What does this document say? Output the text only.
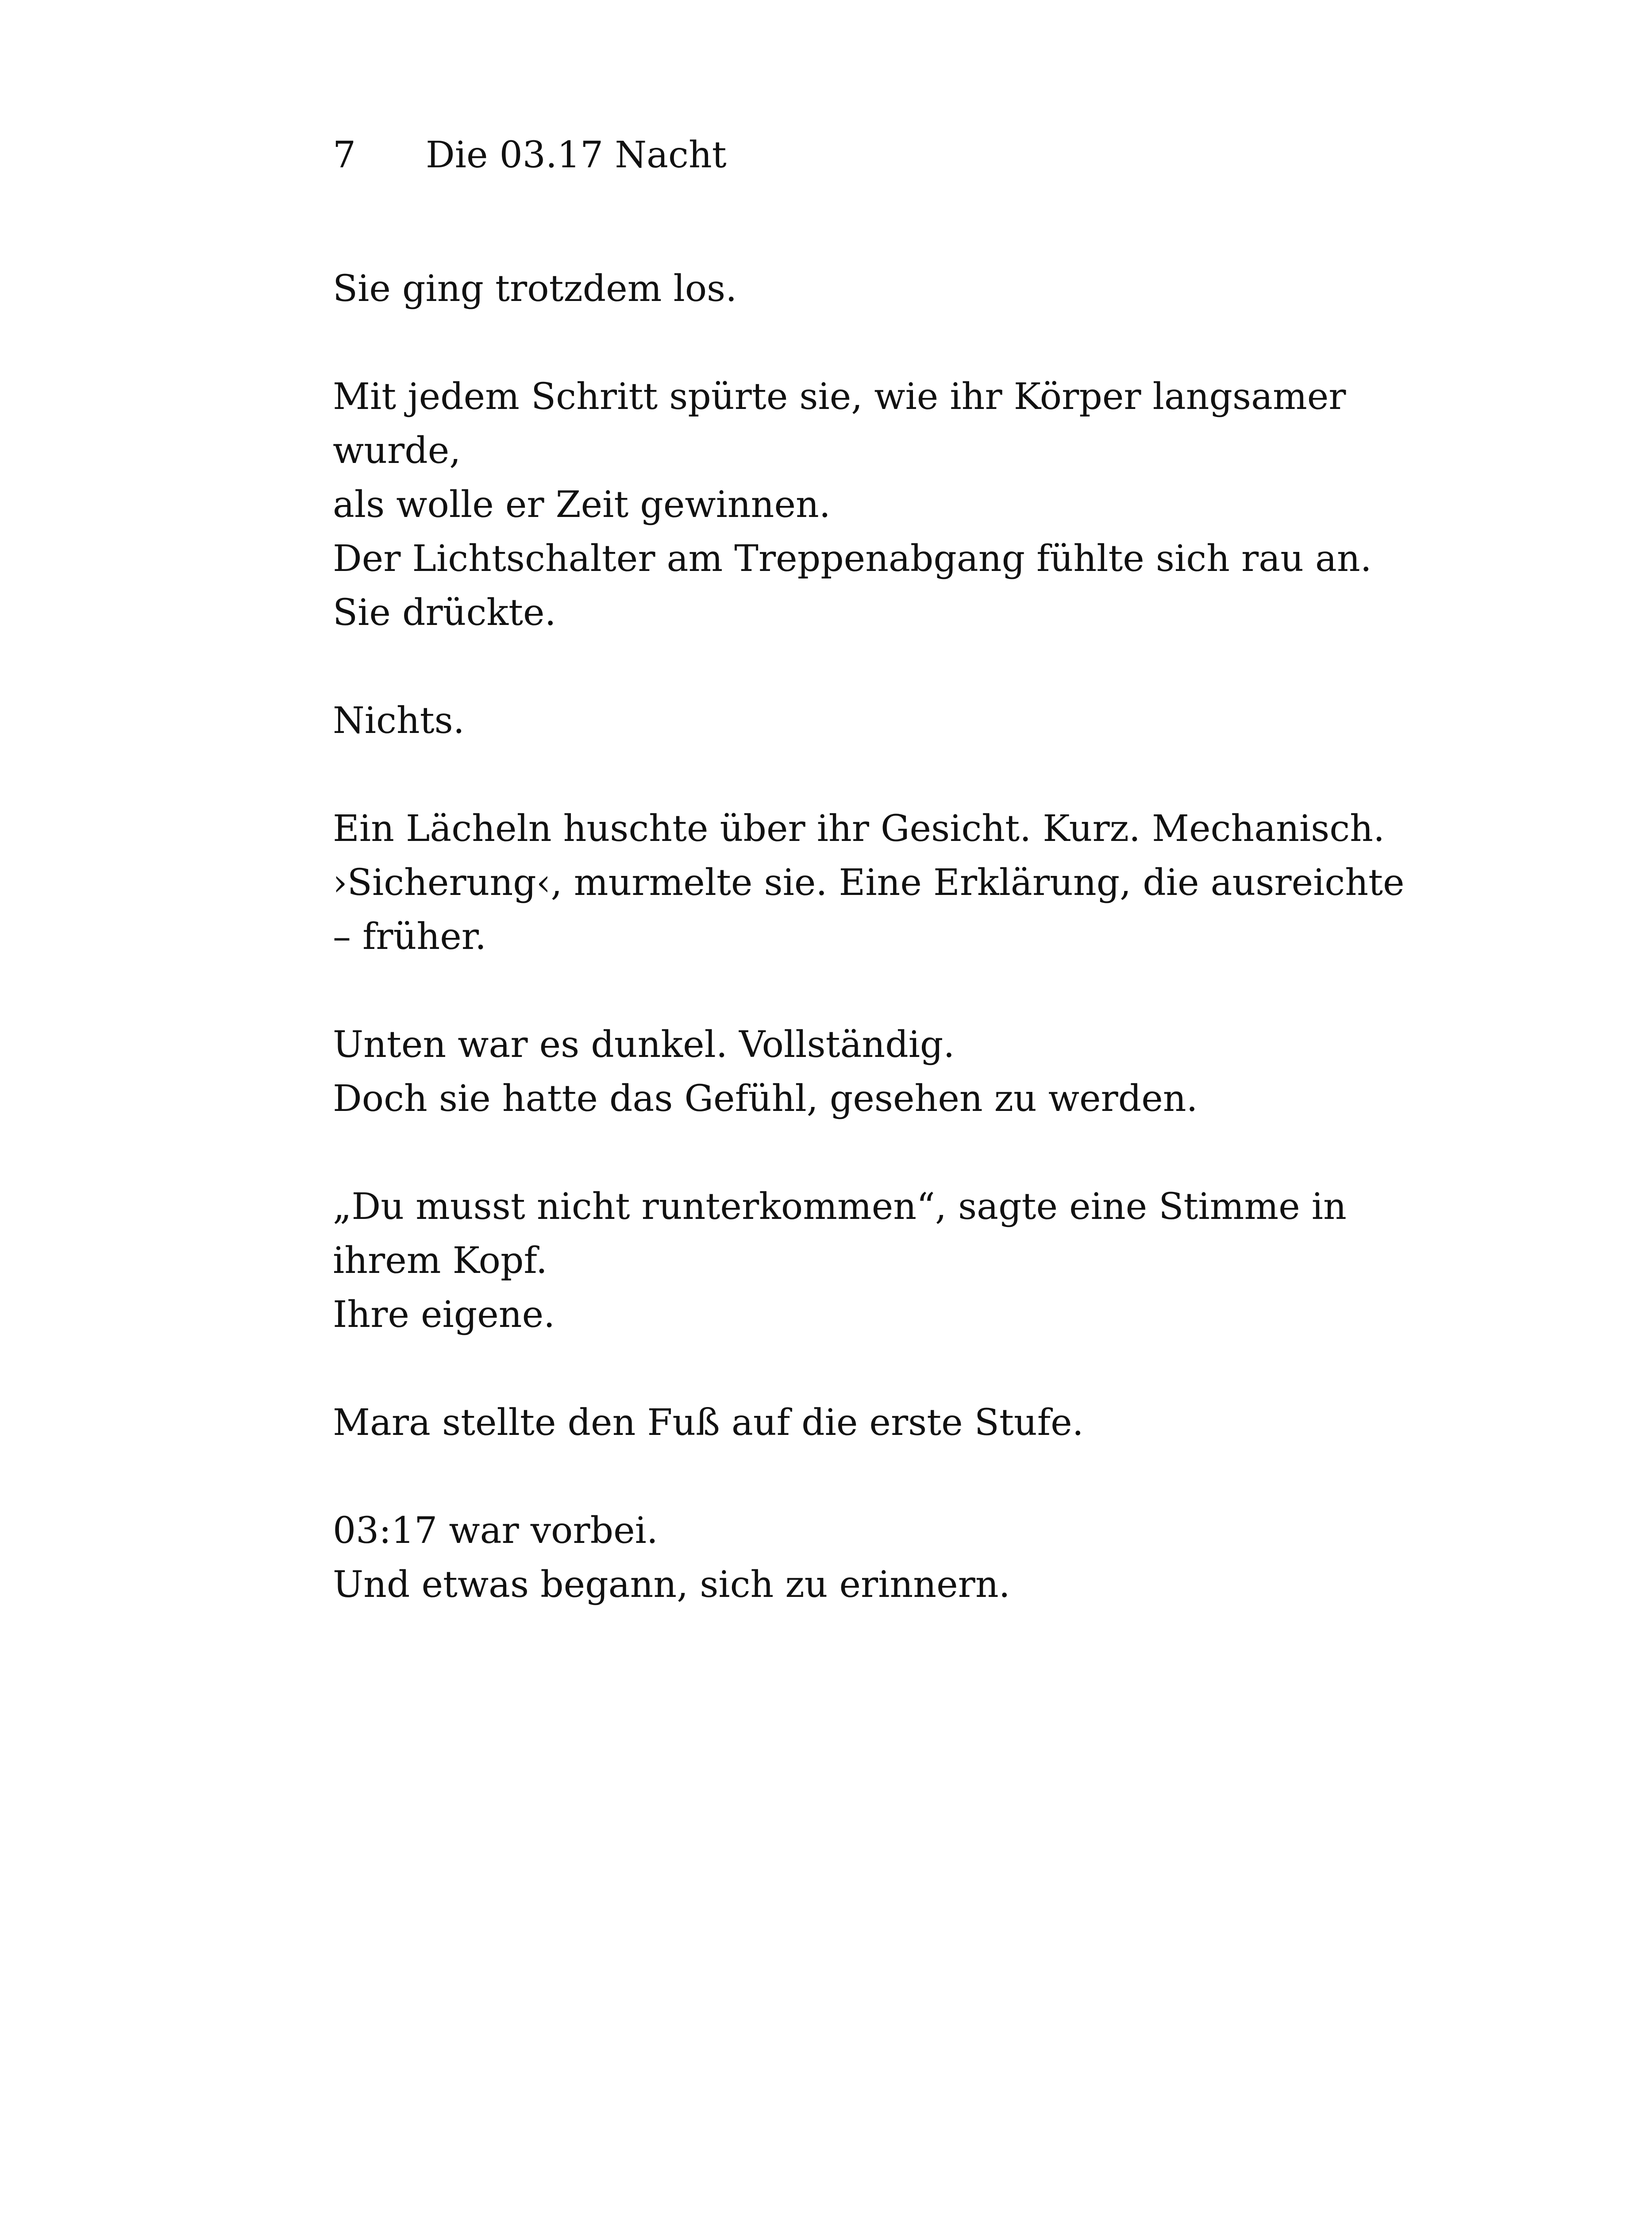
7 Die 03.17 Nacht
Sie ging trotzdem los.
Mit jedem Schritt spürte sie, wie ihr Körper langsamer
wurde,
als wolle er Zeit gewinnen.
Der Lichtschalter am Treppenabgang fühlte sich rau an.
Sie drückte.
Nichts.
Ein Lächeln huschte über ihr Gesicht. Kurz. Mechanisch.
›Sicherung‹, murmelte sie. Eine Erklärung, die ausreichte
– früher.
Unten war es dunkel. Vollständig.
Doch sie hatte das Gefühl, gesehen zu werden.
„Du musst nicht runterkommen“, sagte eine Stimme in
ihrem Kopf.
Ihre eigene.
Mara stellte den Fuß auf die erste Stufe.
03:17 war vorbei.
Und etwas begann, sich zu erinnern.
